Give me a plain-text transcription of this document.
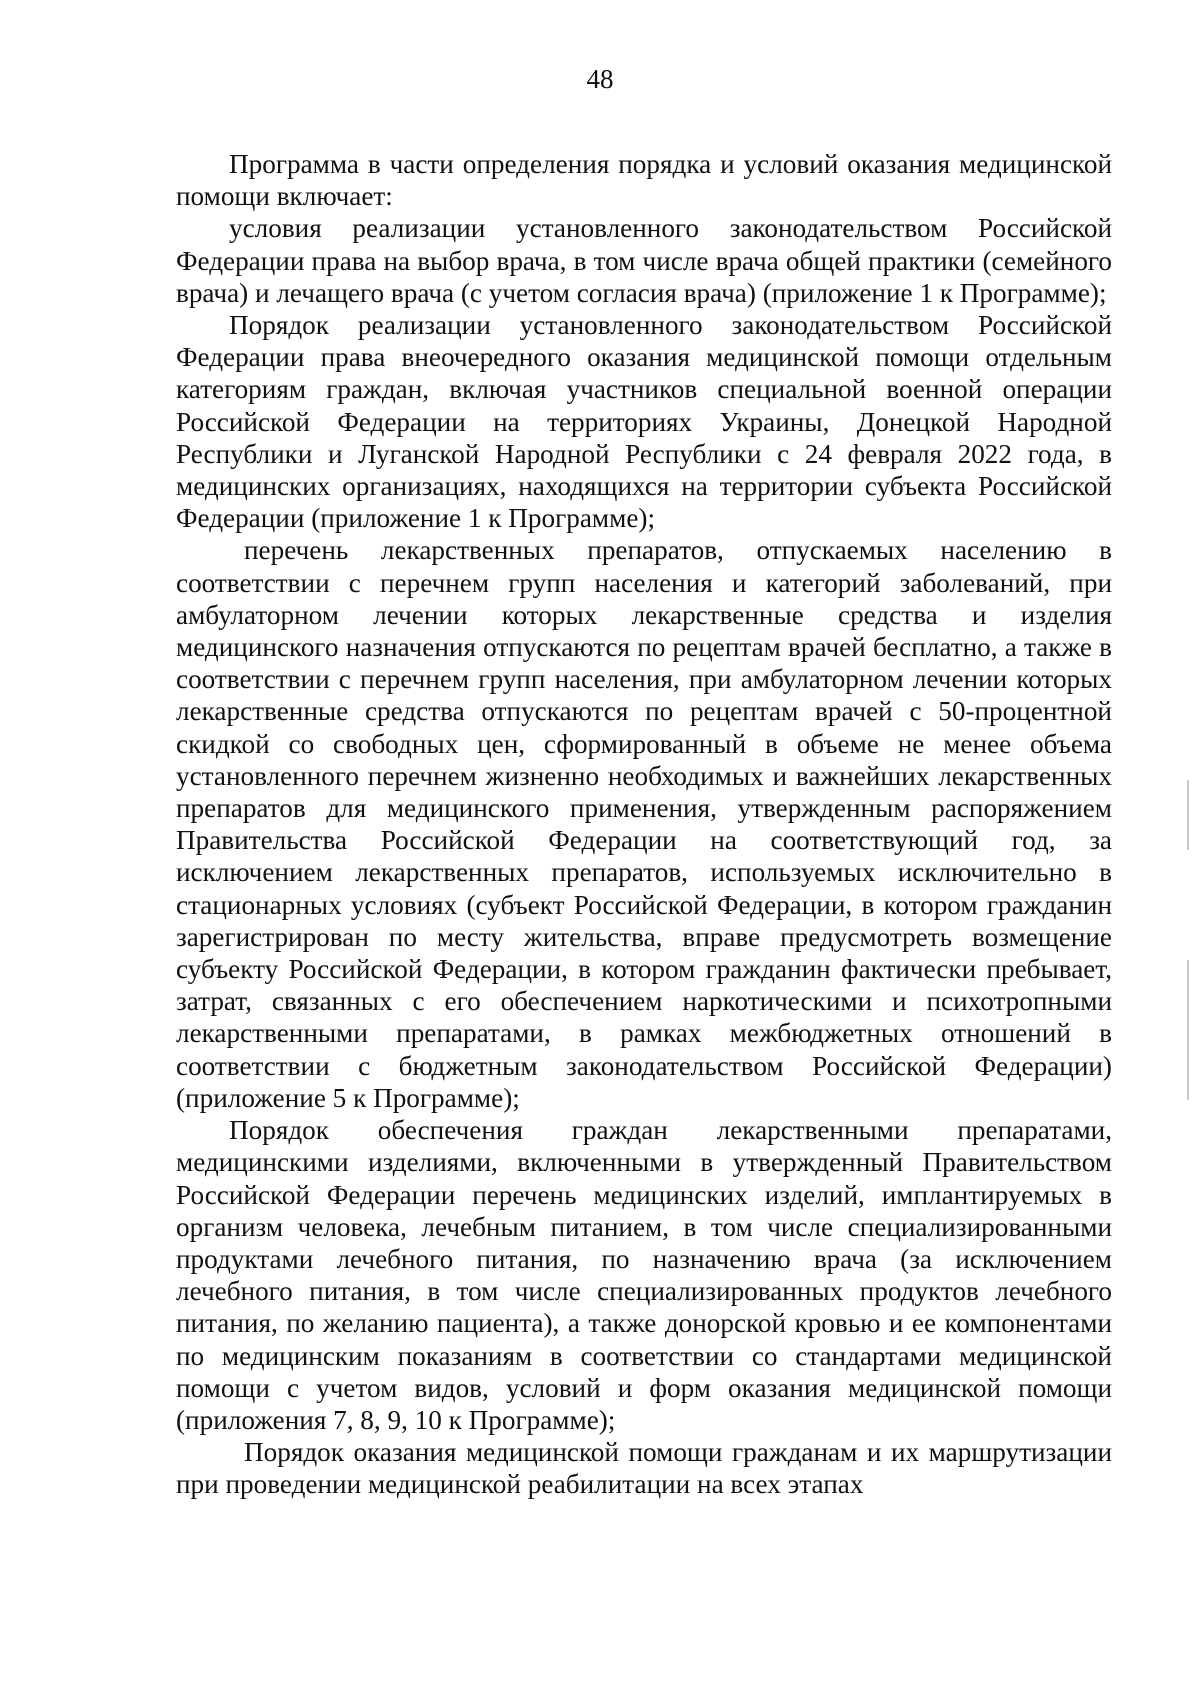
48

Программа в части определения порядка и условий оказания медицинской помощи включает:

условия реализации установленного законодательством Российской Федерации права на выбор врача, в том числе врача общей практики (семейного врача) и лечащего врача (с учетом согласия врача) (приложение 1 к Программе);

Порядок реализации установленного законодательством Российской Федерации права внеочередного оказания медицинской помощи отдельным категориям граждан, включая участников специальной военной операции Российской Федерации на территориях Украины, Донецкой Народной Республики и Луганской Народной Республики с 24 февраля 2022 года, в медицинских организациях, находящихся на территории субъекта Российской Федерации (приложение 1 к Программе);

перечень лекарственных препаратов, отпускаемых населению в соответствии с перечнем групп населения и категорий заболеваний, при амбулаторном лечении которых лекарственные средства и изделия медицинского назначения отпускаются по рецептам врачей бесплатно, а также в соответствии с перечнем групп населения, при амбулаторном лечении которых лекарственные средства отпускаются по рецептам врачей с 50-процентной скидкой со свободных цен, сформированный в объеме не менее объема установленного перечнем жизненно необходимых и важнейших лекарственных препаратов для медицинского применения, утвержденным распоряжением Правительства Российской Федерации на соответствующий год, за исключением лекарственных препаратов, используемых исключительно в стационарных условиях (субъект Российской Федерации, в котором гражданин зарегистрирован по месту жительства, вправе предусмотреть возмещение субъекту Российской Федерации, в котором гражданин фактически пребывает, затрат, связанных с его обеспечением наркотическими и психотропными лекарственными препаратами, в рамках межбюджетных отношений в соответствии с бюджетным законодательством Российской Федерации) (приложение 5 к Программе);

Порядок обеспечения граждан лекарственными препаратами, медицинскими изделиями, включенными в утвержденный Правительством Российской Федерации перечень медицинских изделий, имплантируемых в организм человека, лечебным питанием, в том числе специализированными продуктами лечебного питания, по назначению врача (за исключением лечебного питания, в том числе специализированных продуктов лечебного питания, по желанию пациента), а также донорской кровью и ее компонентами по медицинским показаниям в соответствии со стандартами медицинской помощи с учетом видов, условий и форм оказания медицинской помощи (приложения 7, 8, 9, 10 к Программе);

Порядок оказания медицинской помощи гражданам и их маршрутизации при проведении медицинской реабилитации на всех этапах
